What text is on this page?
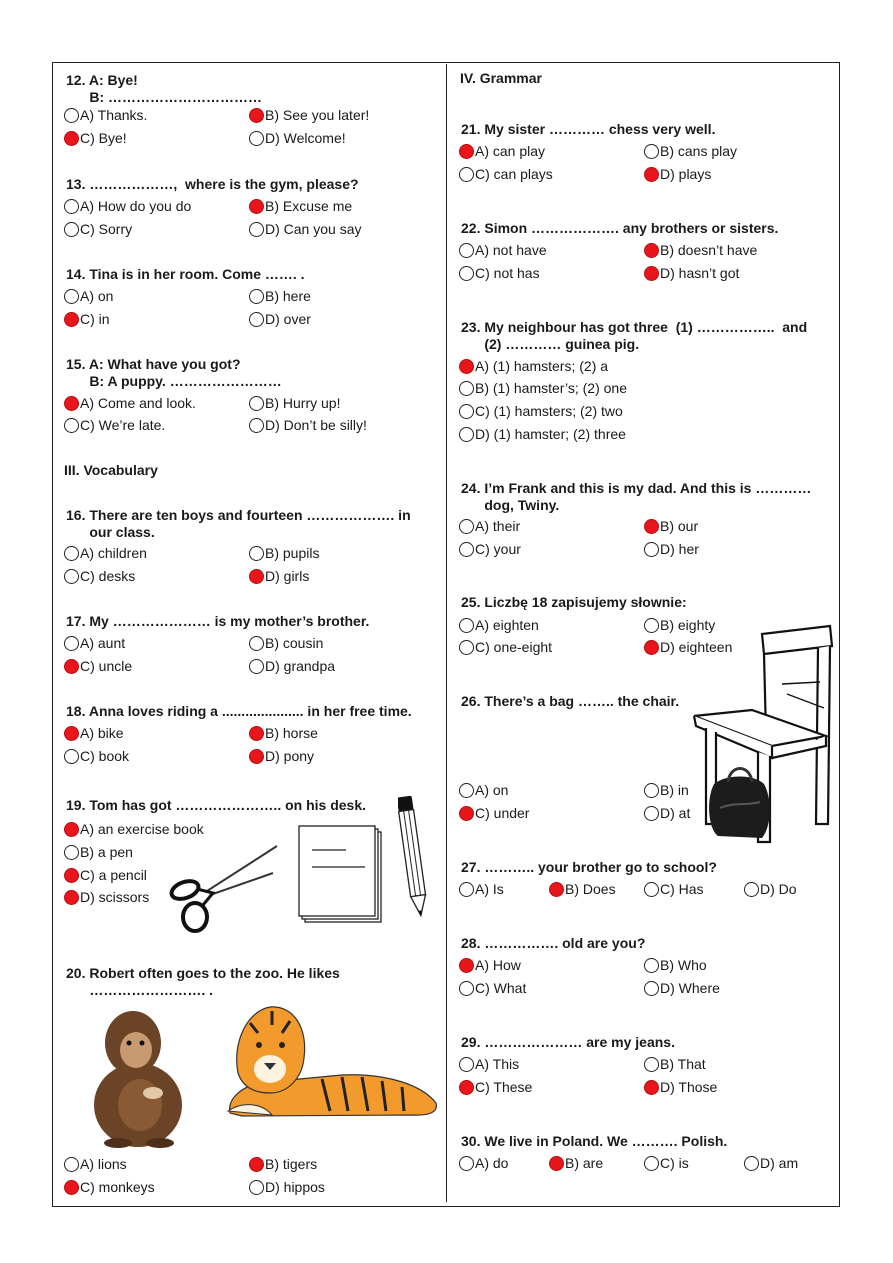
IV. Grammar
III. Vocabulary
12. A: Bye!
B: ……………………………
A) Thanks.	B) See you later!
C) Bye!	D) Welcome!
13. ………………,  where is the gym, please?
A) How do you do	B) Excuse me
C) Sorry	D) Can you say
14. Tina is in her room. Come ……. .
A) on	B) here
C) in	D) over
15. A: What have you got?
B: A puppy. ……………………
A) Come and look.	B) Hurry up!
C) We’re late.	D) Don’t be silly!
16. There are ten boys and fourteen ………………. in
our class.
A) children	B) pupils
C) desks	D) girls
17. My ………………… is my mother’s brother.
A) aunt	B) cousin
C) uncle	D) grandpa
18. Anna loves riding a ..................... in her free time.
A) bike	B) horse
C) book	D) pony
19. Tom has got ………………….. on his desk.
A) an exercise book
B) a pen
C) a pencil
D) scissors
20. Robert often goes to the zoo. He likes
……………………. .
A) lions	B) tigers
C) monkeys	D) hippos
21. My sister ………… chess very well.
A) can play	B) cans play
C) can plays	D) plays
22. Simon ………………. any brothers or sisters.
A) not have	B) doesn’t have
C) not has	D) hasn’t got
23. My neighbour has got three  (1) ……………..  and
(2) ………… guinea pig.
A) (1) hamsters; (2) a
B) (1) hamster’s; (2) one
C) (1) hamsters; (2) two
D) (1) hamster; (2) three
24. I’m Frank and this is my dad. And this is …………
dog, Twiny.
A) their	B) our
C) your	D) her
25. Liczbę 18 zapisujemy słownie:
A) eighten	B) eighty
C) one-eight	D) eighteen
26. There’s a bag …….. the chair.
A) on	B) in
C) under	D) at
27. ……….. your brother go to school?
A) Is	B) Does	C) Has	D) Do
28. ……………. old are you?
A) How	B) Who
C) What	D) Where
29. ………………… are my jeans.
A) This	B) That
C) These	D) Those
30. We live in Poland. We ………. Polish.
A) do	B) are	C) is	D) am
